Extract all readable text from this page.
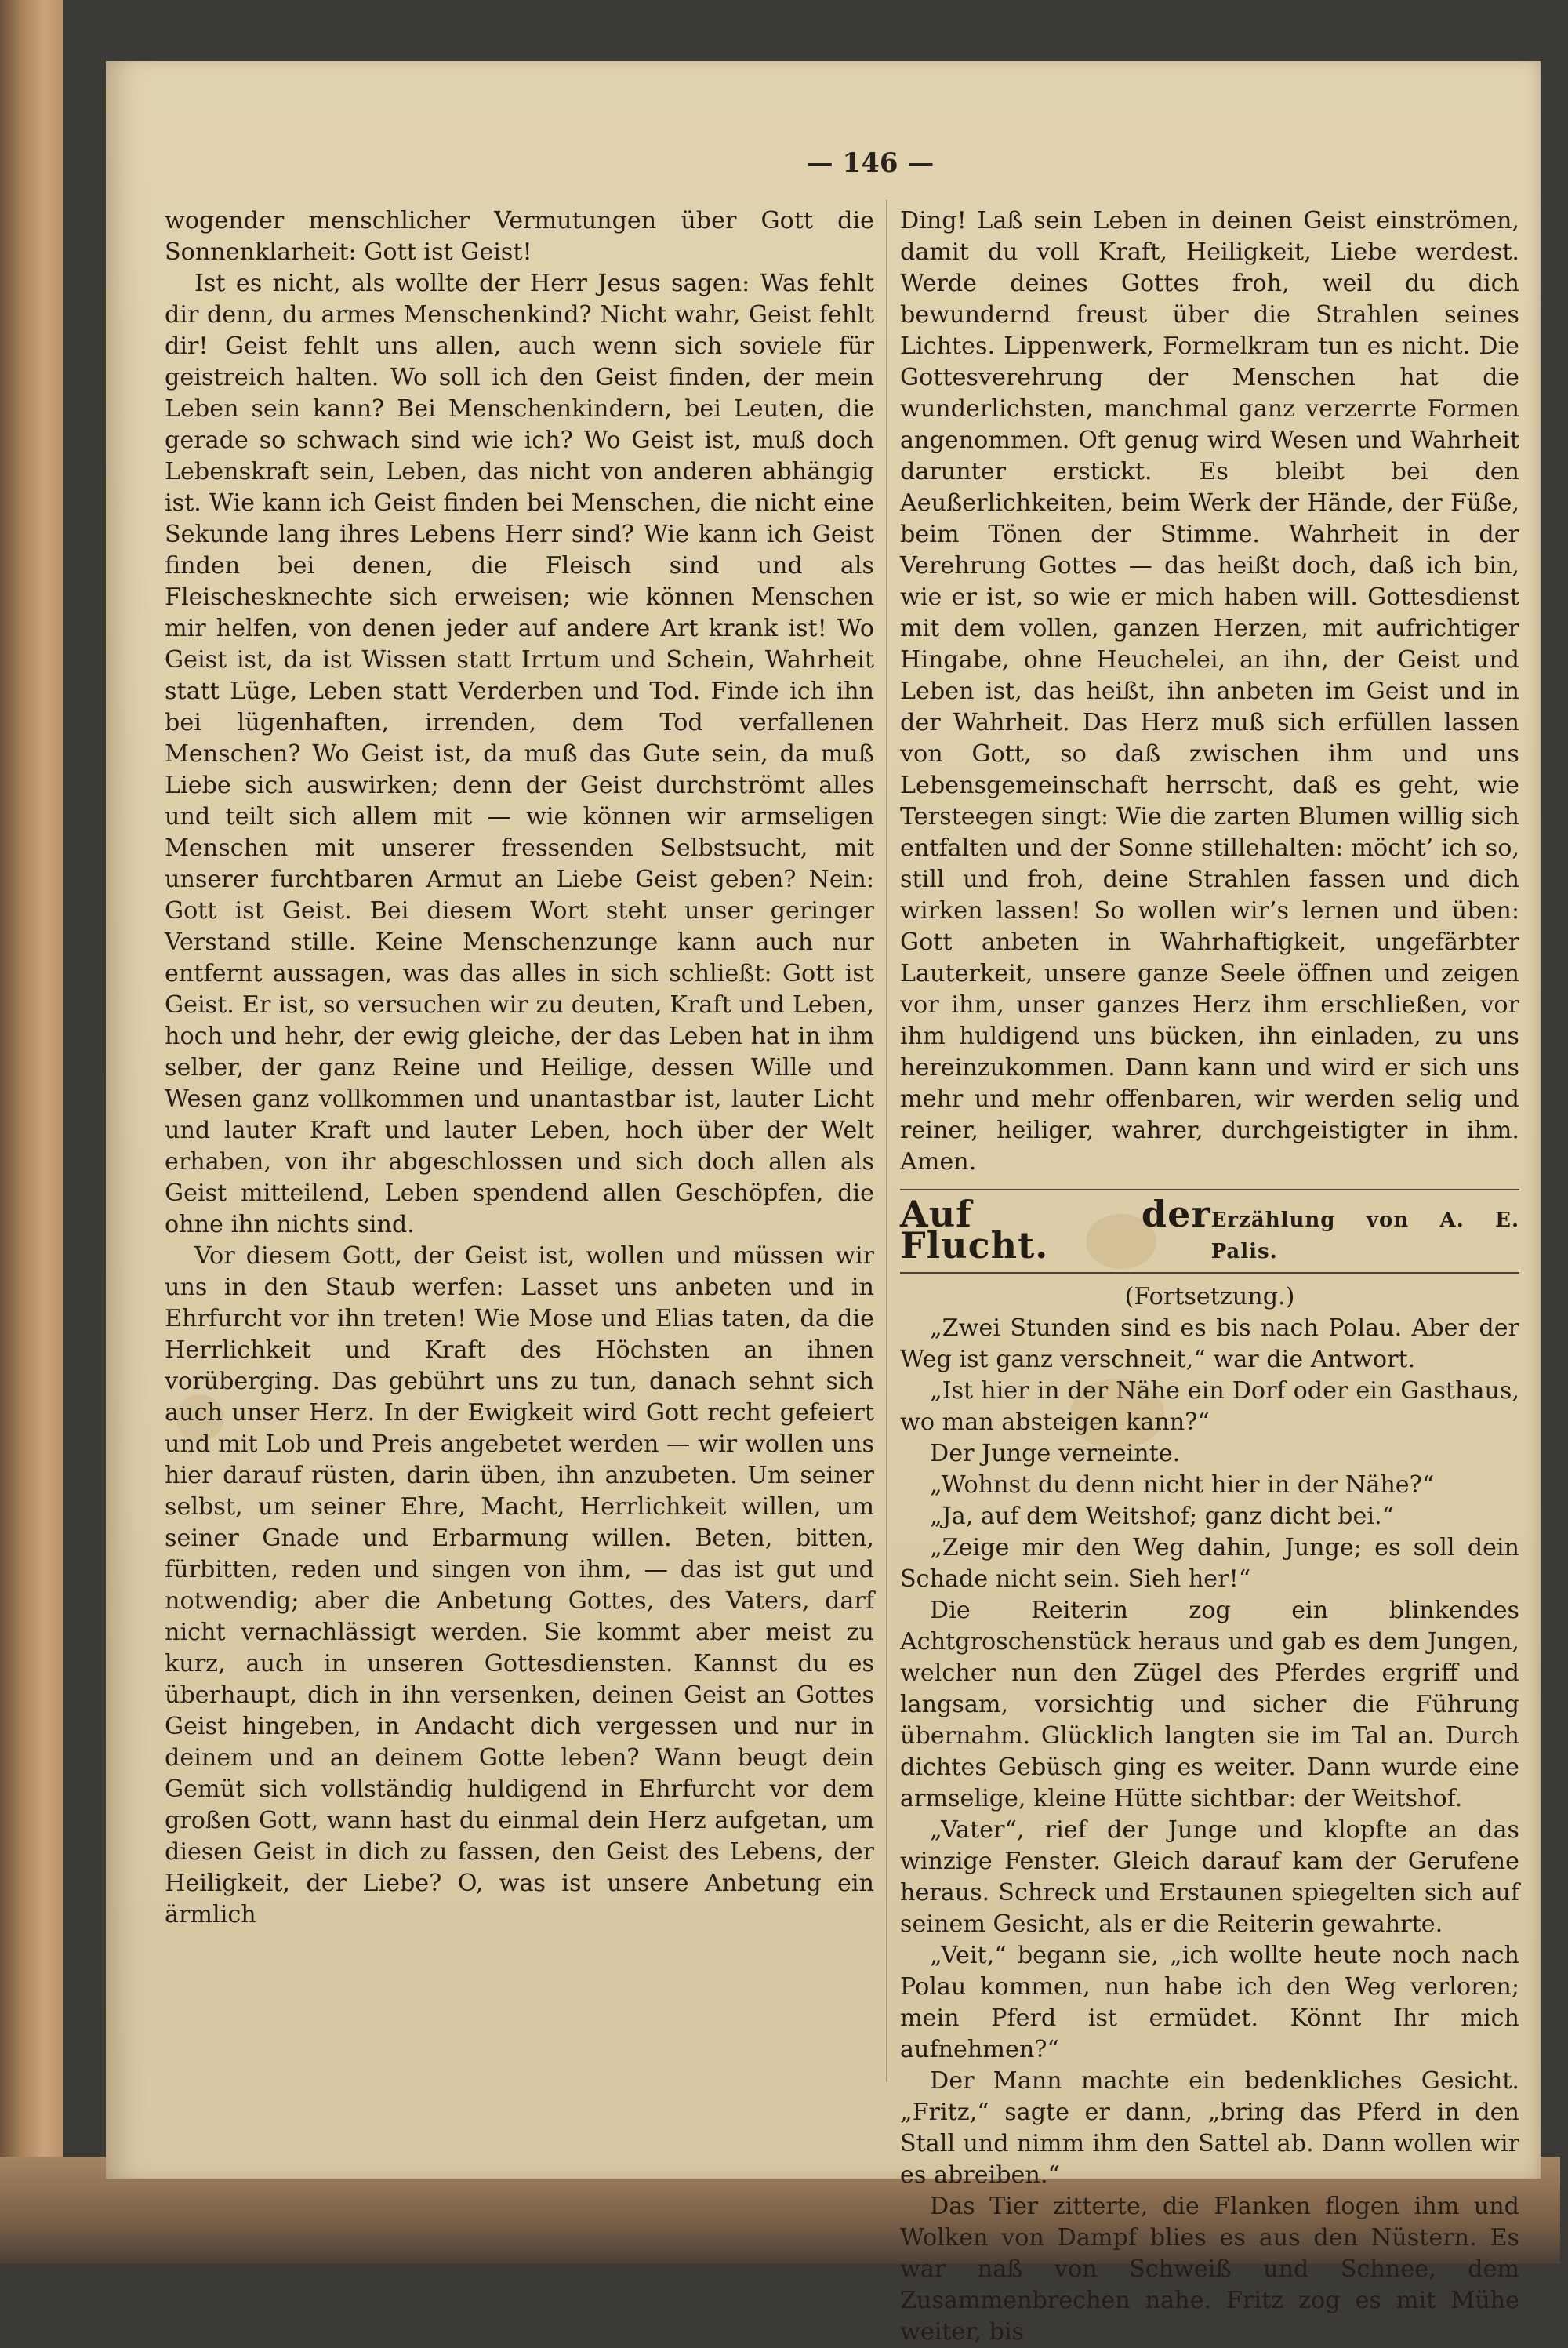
— 146 —

wogender menschlicher Vermutungen über Gott die Sonnenklarheit: Gott ist Geist!

Ist es nicht, als wollte der Herr Jesus sagen: Was fehlt dir denn, du armes Menschenkind? Nicht wahr, Geist fehlt dir! Geist fehlt uns allen, auch wenn sich soviele für geistreich halten. Wo soll ich den Geist finden, der mein Leben sein kann? Bei Menschenkindern, bei Leuten, die gerade so schwach sind wie ich? Wo Geist ist, muß doch Lebenskraft sein, Leben, das nicht von anderen abhängig ist. Wie kann ich Geist finden bei Menschen, die nicht eine Sekunde lang ihres Lebens Herr sind? Wie kann ich Geist finden bei denen, die Fleisch sind und als Fleischesknechte sich erweisen; wie können Menschen mir helfen, von denen jeder auf andere Art krank ist! Wo Geist ist, da ist Wissen statt Irrtum und Schein, Wahrheit statt Lüge, Leben statt Verderben und Tod. Finde ich ihn bei lügenhaften, irrenden, dem Tod verfallenen Menschen? Wo Geist ist, da muß das Gute sein, da muß Liebe sich auswirken; denn der Geist durchströmt alles und teilt sich allem mit — wie können wir armseligen Menschen mit unserer fressenden Selbstsucht, mit unserer furchtbaren Armut an Liebe Geist geben? Nein: Gott ist Geist. Bei diesem Wort steht unser geringer Verstand stille. Keine Menschenzunge kann auch nur entfernt aussagen, was das alles in sich schließt: Gott ist Geist. Er ist, so versuchen wir zu deuten, Kraft und Leben, hoch und hehr, der ewig gleiche, der das Leben hat in ihm selber, der ganz Reine und Heilige, dessen Wille und Wesen ganz vollkommen und unantastbar ist, lauter Licht und lauter Kraft und lauter Leben, hoch über der Welt erhaben, von ihr abgeschlossen und sich doch allen als Geist mitteilend, Leben spendend allen Geschöpfen, die ohne ihn nichts sind.

Vor diesem Gott, der Geist ist, wollen und müssen wir uns in den Staub werfen: Lasset uns anbeten und in Ehrfurcht vor ihn treten! Wie Mose und Elias taten, da die Herrlichkeit und Kraft des Höchsten an ihnen vorüberging. Das gebührt uns zu tun, danach sehnt sich auch unser Herz. In der Ewigkeit wird Gott recht gefeiert und mit Lob und Preis angebetet werden — wir wollen uns hier darauf rüsten, darin üben, ihn anzubeten. Um seiner selbst, um seiner Ehre, Macht, Herrlichkeit willen, um seiner Gnade und Erbarmung willen. Beten, bitten, fürbitten, reden und singen von ihm, — das ist gut und notwendig; aber die Anbetung Gottes, des Vaters, darf nicht vernachlässigt werden. Sie kommt aber meist zu kurz, auch in unseren Gottesdiensten. Kannst du es überhaupt, dich in ihn versenken, deinen Geist an Gottes Geist hingeben, in Andacht dich vergessen und nur in deinem und an deinem Gotte leben? Wann beugt dein Gemüt sich vollständig huldigend in Ehrfurcht vor dem großen Gott, wann hast du einmal dein Herz aufgetan, um diesen Geist in dich zu fassen, den Geist des Lebens, der Heiligkeit, der Liebe? O, was ist unsere Anbetung ein ärmlich

Ding! Laß sein Leben in deinen Geist einströmen, damit du voll Kraft, Heiligkeit, Liebe werdest. Werde deines Gottes froh, weil du dich bewundernd freust über die Strahlen seines Lichtes. Lippenwerk, Formelkram tun es nicht. Die Gottesverehrung der Menschen hat die wunderlichsten, manchmal ganz verzerrte Formen angenommen. Oft genug wird Wesen und Wahrheit darunter erstickt. Es bleibt bei den Aeußerlichkeiten, beim Werk der Hände, der Füße, beim Tönen der Stimme. Wahrheit in der Verehrung Gottes — das heißt doch, daß ich bin, wie er ist, so wie er mich haben will. Gottesdienst mit dem vollen, ganzen Herzen, mit aufrichtiger Hingabe, ohne Heuchelei, an ihn, der Geist und Leben ist, das heißt, ihn anbeten im Geist und in der Wahrheit. Das Herz muß sich erfüllen lassen von Gott, so daß zwischen ihm und uns Lebensgemeinschaft herrscht, daß es geht, wie Tersteegen singt: Wie die zarten Blumen willig sich entfalten und der Sonne stillehalten: möcht’ ich so, still und froh, deine Strahlen fassen und dich wirken lassen! So wollen wir’s lernen und üben: Gott anbeten in Wahrhaftigkeit, ungefärbter Lauterkeit, unsere ganze Seele öffnen und zeigen vor ihm, unser ganzes Herz ihm erschließen, vor ihm huldigend uns bücken, ihn einladen, zu uns hereinzukommen. Dann kann und wird er sich uns mehr und mehr offenbaren, wir werden selig und reiner, heiliger, wahrer, durchgeistigter in ihm. Amen.

Auf der Flucht.
Erzählung von A. E. Palis.

(Fortsetzung.)

„Zwei Stunden sind es bis nach Polau. Aber der Weg ist ganz verschneit,“ war die Antwort.

„Ist hier in der Nähe ein Dorf oder ein Gasthaus, wo man absteigen kann?“

Der Junge verneinte.

„Wohnst du denn nicht hier in der Nähe?“

„Ja, auf dem Weitshof; ganz dicht bei.“

„Zeige mir den Weg dahin, Junge; es soll dein Schade nicht sein. Sieh her!“

Die Reiterin zog ein blinkendes Achtgroschenstück heraus und gab es dem Jungen, welcher nun den Zügel des Pferdes ergriff und langsam, vorsichtig und sicher die Führung übernahm. Glücklich langten sie im Tal an. Durch dichtes Gebüsch ging es weiter. Dann wurde eine armselige, kleine Hütte sichtbar: der Weitshof.

„Vater“, rief der Junge und klopfte an das winzige Fenster. Gleich darauf kam der Gerufene heraus. Schreck und Erstaunen spiegelten sich auf seinem Gesicht, als er die Reiterin gewahrte.

„Veit,“ begann sie, „ich wollte heute noch nach Polau kommen, nun habe ich den Weg verloren; mein Pferd ist ermüdet. Könnt Ihr mich aufnehmen?“

Der Mann machte ein bedenkliches Gesicht. „Fritz,“ sagte er dann, „bring das Pferd in den Stall und nimm ihm den Sattel ab. Dann wollen wir es abreiben.“

Das Tier zitterte, die Flanken flogen ihm und Wolken von Dampf blies es aus den Nüstern. Es war naß von Schweiß und Schnee, dem Zusammenbrechen nahe. Fritz zog es mit Mühe weiter, bis
